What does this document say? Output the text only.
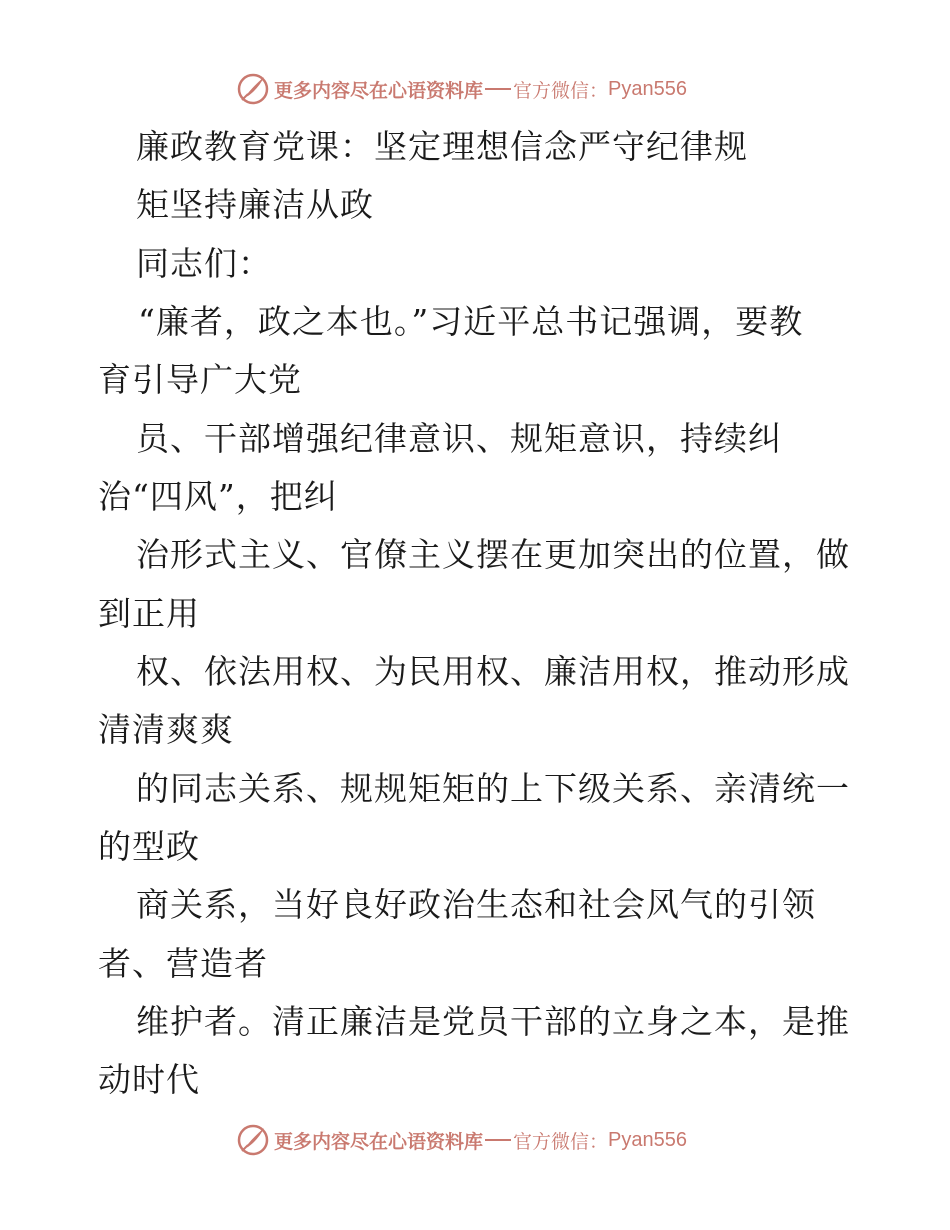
更多内容尽在心语资料库 官方微信： Pyan556
廉政教育党课：坚定理想信念严守纪律规
矩坚持廉洁从政
同志们：
“廉者，政之本也。”习近平总书记强调，要教
育引导广大党
员、干部增强纪律意识、规矩意识，持续纠
治“四风”，把纠
治形式主义、官僚主义摆在更加突出的位置，做
到正用
权、依法用权、为民用权、廉洁用权，推动形成
清清爽爽
的同志关系、规规矩矩的上下级关系、亲清统一
的型政
商关系，当好良好政治生态和社会风气的引领
者、营造者
维护者。清正廉洁是党员干部的立身之本，是推
动时代
更多内容尽在心语资料库 官方微信： Pyan556
